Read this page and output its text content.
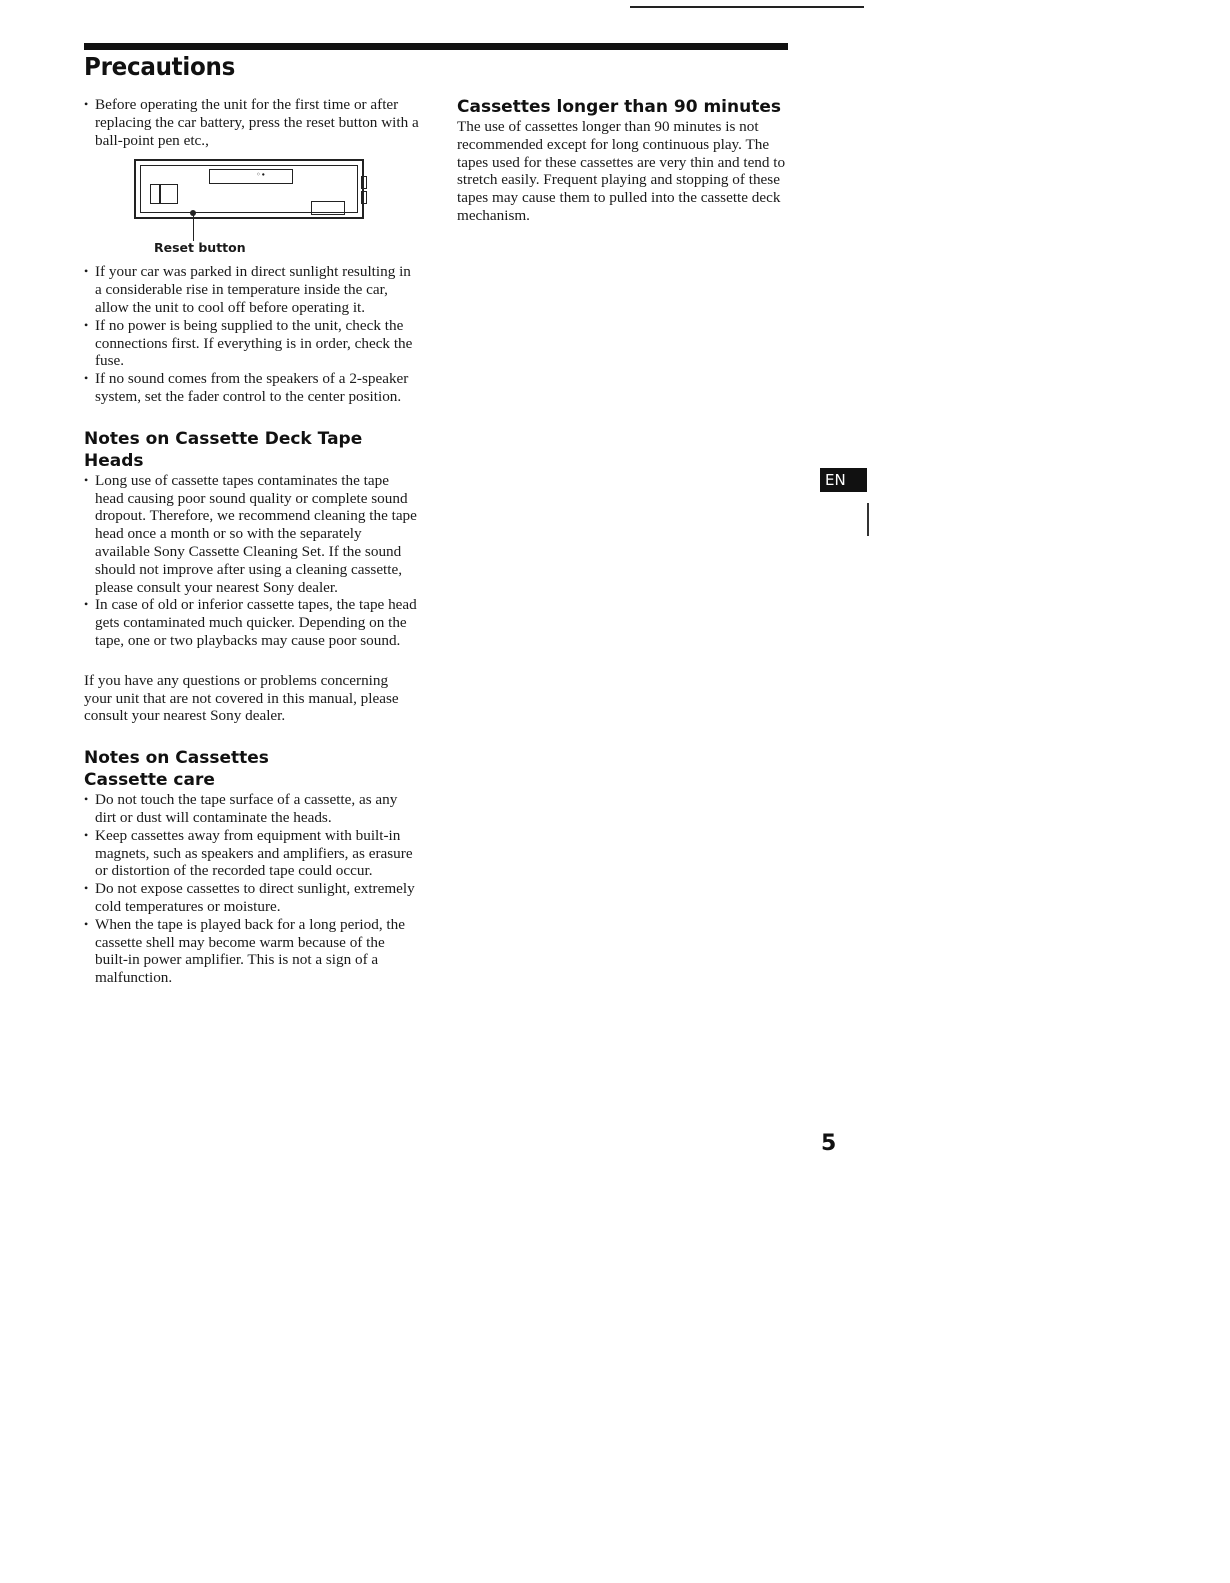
Precautions
• Before operating the unit for the first time or after replacing the car battery, press the reset button with a ball-point pen etc.,
◦∙
Reset button
• If your car was parked in direct sunlight resulting in a considerable rise in temperature inside the car, allow the unit to cool off before operating it.
• If no power is being supplied to the unit, check the connections first. If everything is in order, check the fuse.
• If no sound comes from the speakers of a 2-speaker system, set the fader control to the center position.
Notes on Cassette Deck Tape Heads
• Long use of cassette tapes contaminates the tape head causing poor sound quality or complete sound dropout. Therefore, we recommend cleaning the tape head once a month or so with the separately available Sony Cassette Cleaning Set. If the sound should not improve after using a cleaning cassette, please consult your nearest Sony dealer.
• In case of old or inferior cassette tapes, the tape head gets contaminated much quicker. Depending on the tape, one or two playbacks may cause poor sound.

If you have any questions or problems concerning your unit that are not covered in this manual, please consult your nearest Sony dealer.

Notes on Cassettes
Cassette care
• Do not touch the tape surface of a cassette, as any dirt or dust will contaminate the heads.
• Keep cassettes away from equipment with built-in magnets, such as speakers and amplifiers, as erasure or distortion of the recorded tape could occur.
• Do not expose cassettes to direct sunlight, extremely cold temperatures or moisture.
• When the tape is played back for a long period, the cassette shell may become warm because of the built-in power amplifier. This is not a sign of a malfunction.
Cassettes longer than 90 minutes

The use of cassettes longer than 90 minutes is not recommended except for long continuous play. The tapes used for these cassettes are very thin and tend to stretch easily. Frequent playing and stopping of these tapes may cause them to pulled into the cassette deck mechanism.

EN
5
